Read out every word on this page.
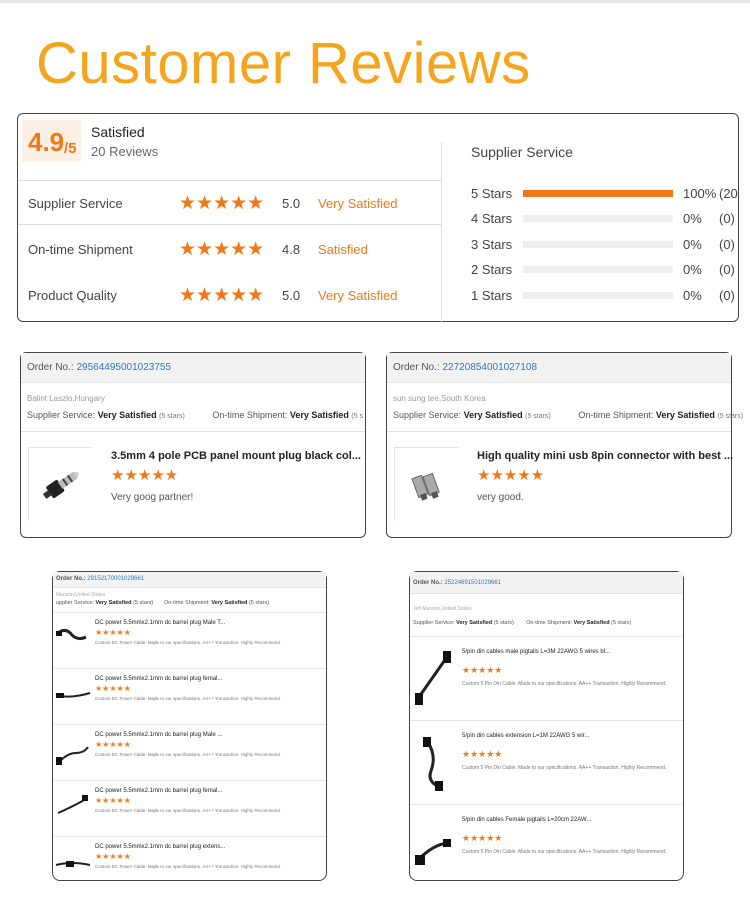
Customer Reviews
4.9 /5
Satisfied
20 Reviews
Supplier Service	★★★★★ 5.0 Very Satisfied
On-time Shipment ★★★★★ 4.8 Satisfied
Product Quality	★★★★★ 5.0 Very Satisfied
Supplier Service
5 Stars	100% (20
4 Stars	0% (0)
3 Stars	0% (0)
2 Stars	0% (0)
1 Stars	0% (0)
Order No.: 29564495001023755
Balint Laszlo,Hungary
Supplier Service: Very Satisfied (5 stars)	On-time Shipment: Very Satisfied (5 s
3.5mm 4 pole PCB panel mount plug black col...
★★★★★
Very goog partner!
Order No.: 22720854001027108
sun sung tee,South Korea
Supplier Service: Very Satisfied (5 stars)	On-time Shipment: Very Satisfied (5 stars)
High quality mini usb 8pin connector with best ...
★★★★★
very good.
Order No.: 29152170001029661
Manson,United States
upplier Service: Very Satisfied (5 stars) On-time Shipment: Very Satisfied (5 stars)
DC power 5.5mmx2.1mm dc barrel plug Male T...
★★★★★
Custom DC Power Cable. Made to our specifications. AA++ Transaction. Highly Recommend.
DC power 5.5mmx2.1mm dc barrel plug femal...
★★★★★
Custom DC Power Cable. Made to our specifications. AA++ Transaction. Highly Recommend.
DC power 5.5mmx2.1mm dc barrel plug Male ...
★★★★★
Custom DC Power Cable. Made to our specifications. AA++ Transaction. Highly Recommend.
DC power 5.5mmx2.1mm dc barrel plug femal...
★★★★★
Custom DC Power Cable. Made to our specifications. AA++ Transaction. Highly Recommend.
DC power 5.5mmx2.1mm dc barrel plug extens...
★★★★★
Custom DC Power Cable. Made to our specifications. AA++ Transaction. Highly Recommend.
Order No.: 25224691501029661
Jeff Manson,United States
Supplier Service: Very Satisfied (5 stars) On-time Shipment: Very Satisfied (5 stars)
5/pin din cables male pigtails L=3M 22AWG 5 wires bl...
★★★★★
Custom 5 Pin Din Cable. Made to our specifications. AA++ Transaction. Highly Recommend.
5/pin din cables extension L=1M 22AWG 5 wir...
★★★★★
Custom 5 Pin Din Cable. Made to our specifications. AA++ Transaction. Highly Recommend.
5/pin din cables Female pigtails L=20cm 22AW...
★★★★★
Custom 5 Pin Din Cable. Made to our specifications. AA++ Transaction. Highly Recommend.
